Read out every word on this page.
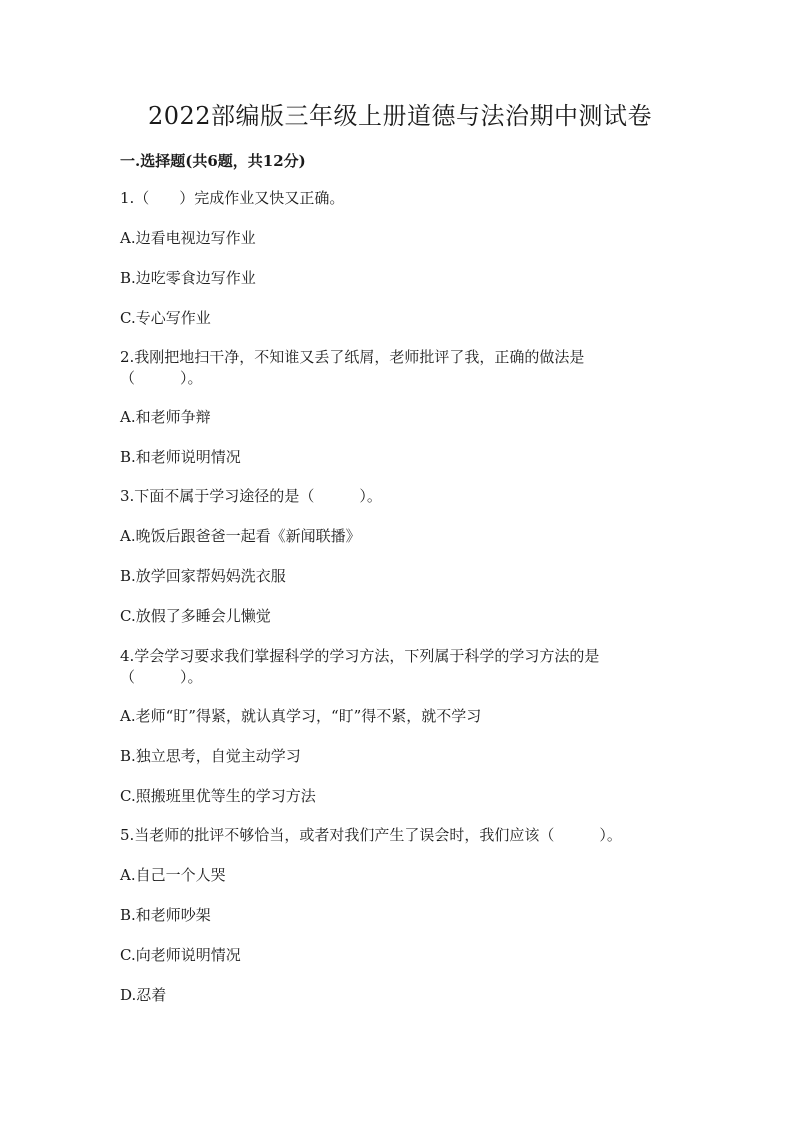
2022部编版三年级上册道德与法治期中测试卷
一.选择题(共6题，共12分)
1.（　　）完成作业又快又正确。
A.边看电视边写作业
B.边吃零食边写作业
C.专心写作业
2.我刚把地扫干净，不知谁又丢了纸屑，老师批评了我，正确的做法是
（　　　）。
A.和老师争辩
B.和老师说明情况
3.下面不属于学习途径的是（　　　）。
A.晚饭后跟爸爸一起看《新闻联播》
B.放学回家帮妈妈洗衣服
C.放假了多睡会儿懒觉
4.学会学习要求我们掌握科学的学习方法，下列属于科学的学习方法的是
（　　　）。
A.老师“盯”得紧，就认真学习，“盯”得不紧，就不学习
B.独立思考，自觉主动学习
C.照搬班里优等生的学习方法
5.当老师的批评不够恰当，或者对我们产生了误会时，我们应该（　　　）。
A.自己一个人哭
B.和老师吵架
C.向老师说明情况
D.忍着
